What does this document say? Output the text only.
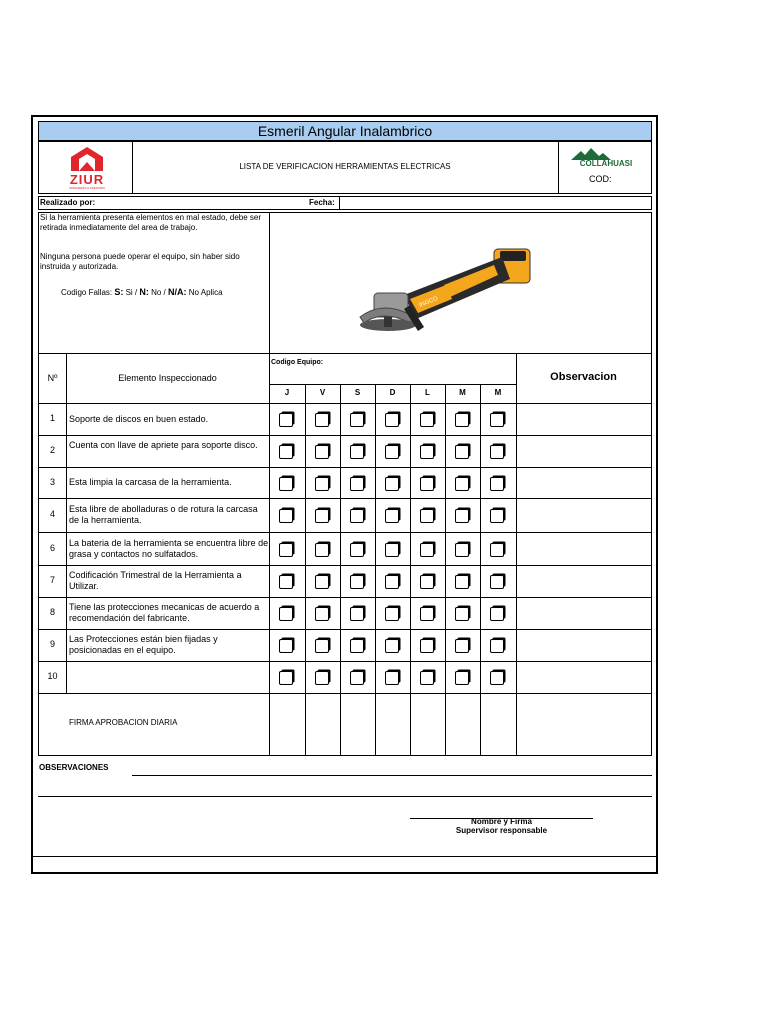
Esmeril Angular Inalambrico
ZIUR
INGENIERÍA & ASESORÍA
LISTA DE VERIFICACION HERRAMIENTAS ELECTRICAS	COLLAHUASI
COD:
Realizado por:	Fecha:
Si la herramienta presenta elementos en mal estado, debe ser retirada inmediatamente del area de trabajo.
Ninguna persona puede operar el equipo, sin haber sido instruida y autorizada.
Codigo Fallas: S: Si / N: No / N/A: No Aplica
INGCO
Nº	Elemento Inspeccionado
Codigo Equipo:
Observacion
J	V	S	D	L	M	M
1	Soporte de discos en buen estado.
2	Cuenta con llave de apriete para soporte disco.
3	Esta limpia la carcasa de la herramienta.
4	Esta libre de abolladuras o de rotura la carcasa de la herramienta.
6	La bateria de la herramienta se encuentra libre de grasa y contactos no sulfatados.
7	Codificación Trimestral de la Herramienta a Utilizar.
8	Tiene las protecciones mecanicas de acuerdo a recomendación del fabricante.
9	Las Protecciones están bien fijadas y posicionadas en el equipo.
10
FIRMA APROBACION DIARIA
OBSERVACIONES
Nombre y Firma
Supervisor responsable
